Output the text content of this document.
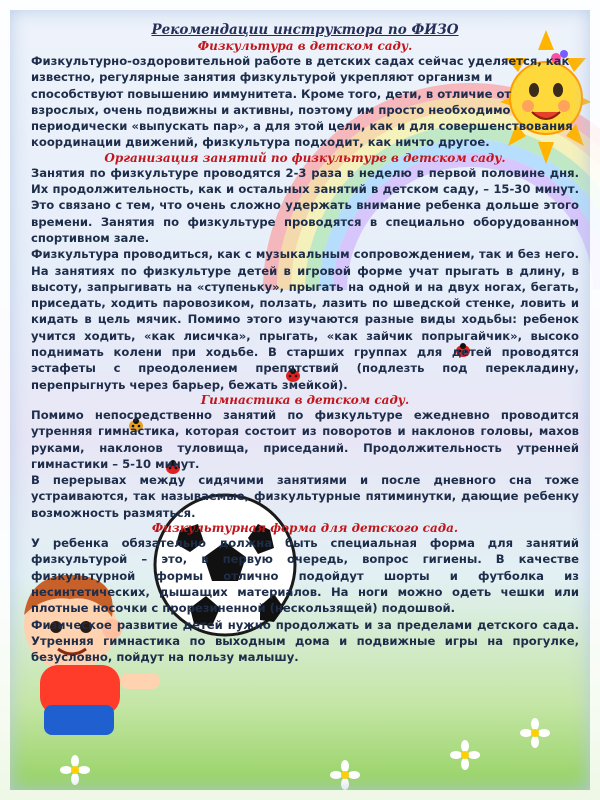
Рекомендации инструктора по ФИЗО

Физкультура в детском саду.

Физкультурно-оздоровительной работе в детских садах сейчас уделяется, как известно, регулярные занятия физкультурой укрепляют организм и способствуют повышению иммунитета. Кроме того, дети, в отличие от взрослых, очень подвижны и активны, поэтому им просто необходимо периодически «выпускать пар», а для этой цели, как и для совершенствования координации движений, физкультура подходит, как ничто другое.

Организация занятий по физкультуре в детском саду.

Занятия по физкультуре проводятся 2-3 раза в неделю в первой половине дня. Их продолжительность, как и остальных занятий в детском саду, – 15-30 минут. Это связано с тем, что очень сложно удержать внимание ребенка дольше этого времени. Занятия по физкультуре проводятся в специально оборудованном спортивном зале.

Физкультура проводиться, как с музыкальным сопровождением, так и без него. На занятиях по физкультуре детей в игровой форме учат прыгать в длину, в высоту, запрыгивать на «ступеньку», прыгать на одной и на двух ногах, бегать, приседать, ходить паровозиком, ползать, лазить по шведской стенке, ловить и кидать в цель мячик. Помимо этого изучаются разные виды ходьбы: ребенок учится ходить, «как лисичка», прыгать, «как зайчик попрыгайчик», высоко поднимать колени при ходьбе. В старших группах для детей проводятся эстафеты с преодолением препятствий (подлезть под перекладину, перепрыгнуть через барьер, бежать змейкой).

Гимнастика в детском саду.

Помимо непосредственно занятий по физкультуре ежедневно проводится утренняя гимнастика, которая состоит из поворотов и наклонов головы, махов руками, наклонов туловища, приседаний. Продолжительность утренней гимнастики – 5-10 минут.

В перерывах между сидячими занятиями и после дневного сна тоже устраиваются, так называемые, физкультурные пятиминутки, дающие ребенку возможность размяться.

Физкультурная форма для детского сада.

У ребенка обязательно должна быть специальная форма для занятий физкультурой – это, в первую очередь, вопрос гигиены. В качестве физкультурной формы отлично подойдут шорты и футболка из несинтетических, дышащих материалов. На ноги можно одеть чешки или плотные носочки с прорезиненной (нескользящей) подошвой.

Физическое развитие детей нужно продолжать и за пределами детского сада. Утренняя гимнастика по выходным дома и подвижные игры на прогулке, безусловно, пойдут на пользу малышу.
